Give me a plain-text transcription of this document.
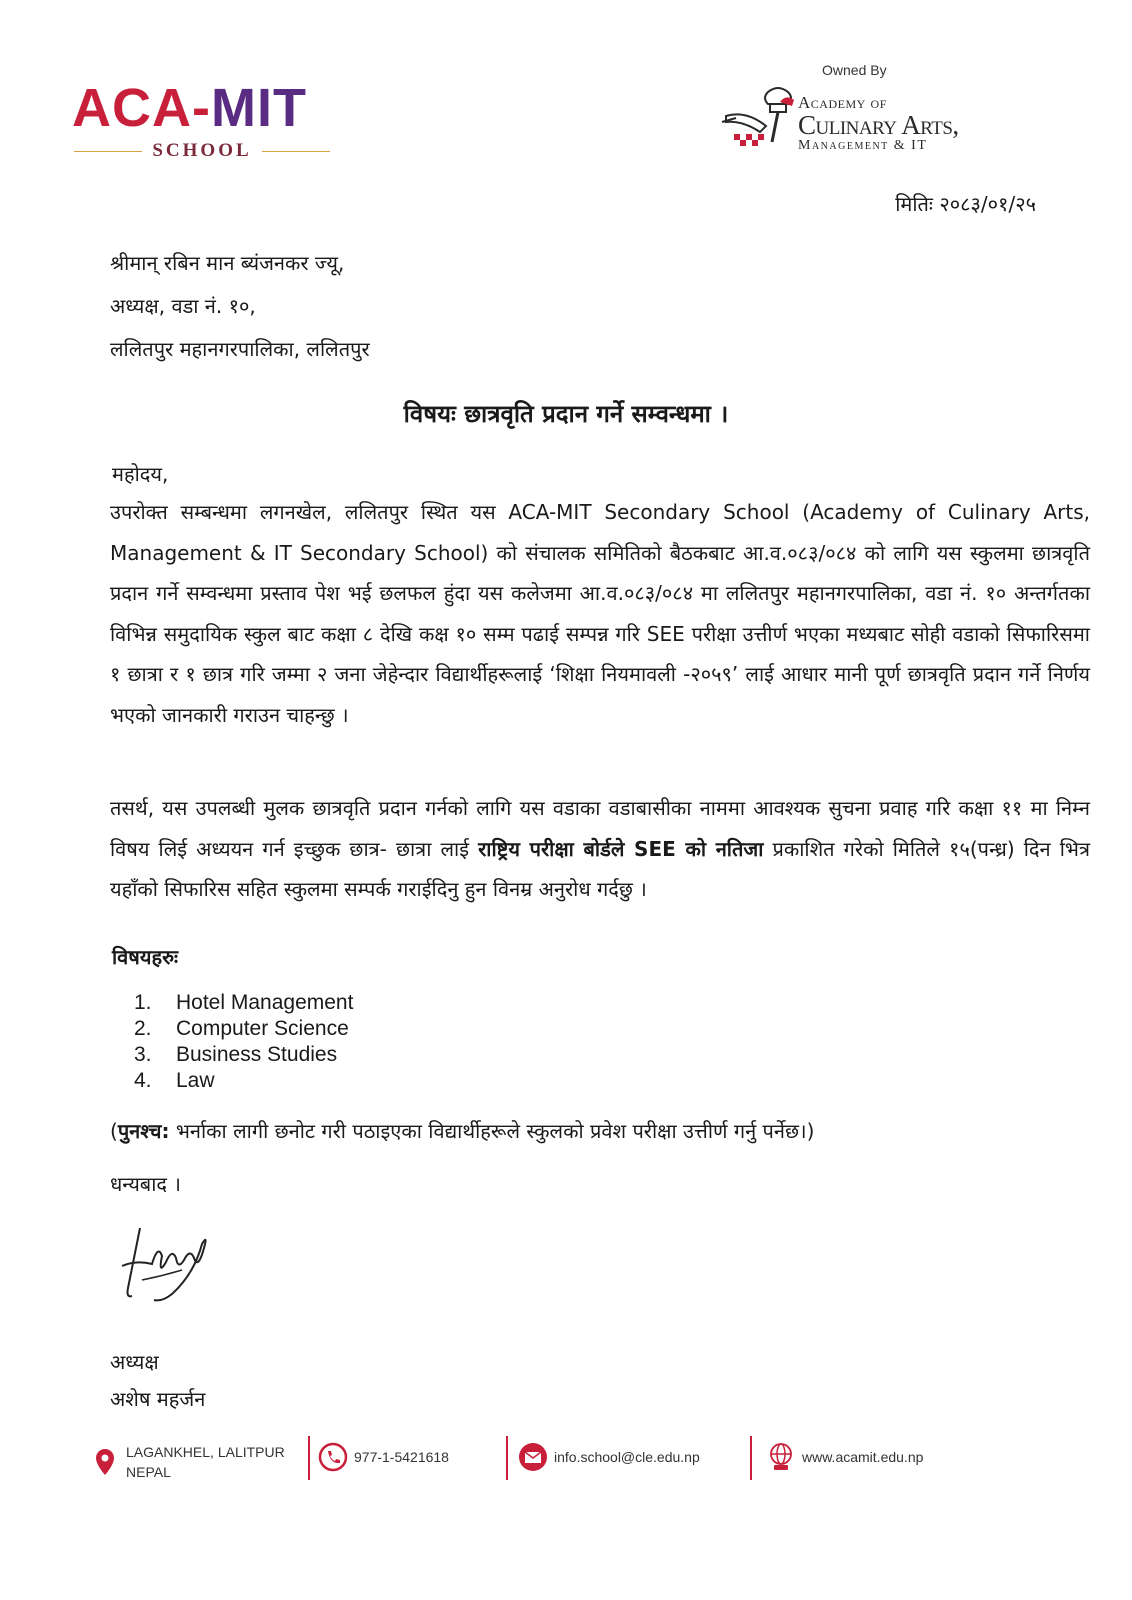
ACA-MIT
SCHOOL
Owned By
Academy of
Culinary Arts,
Management & IT
मितिः २०८३/०१/२५
श्रीमान् रबिन मान ब्यंजनकर ज्यू,
अध्यक्ष, वडा नं. १०,
ललितपुर महानगरपालिका, ललितपुर
विषयः छात्रवृति प्रदान गर्ने सम्वन्धमा ।
महोदय,
उपरोक्त सम्बन्धमा लगनखेल, ललितपुर स्थित यस ACA-MIT Secondary School (Academy of Culinary Arts, Management & IT Secondary School) को संचालक समितिको बैठकबाट आ.व.०८३/०८४ को लागि यस स्कुलमा छात्रवृति प्रदान गर्ने सम्वन्धमा प्रस्ताव पेश भई छलफल हुंदा यस कलेजमा आ.व.०८३/०८४ मा ललितपुर महानगरपालिका, वडा नं. १० अन्तर्गतका विभिन्न समुदायिक स्कुल बाट कक्षा ८ देखि कक्ष १० सम्म पढाई सम्पन्न गरि SEE परीक्षा उत्तीर्ण भएका मध्यबाट सोही वडाको सिफारिसमा १ छात्रा र १ छात्र गरि जम्मा २ जना जेहेन्दार विद्यार्थीहरूलाई ‘शिक्षा नियमावली -२०५९’ लाई आधार मानी पूर्ण छात्रवृति प्रदान गर्ने निर्णय भएको जानकारी गराउन चाहन्छु ।
तसर्थ, यस उपलब्धी मुलक छात्रवृति प्रदान गर्नको लागि यस वडाका वडाबासीका नाममा आवश्यक सुचना प्रवाह गरि कक्षा ११ मा निम्न विषय लिई अध्ययन गर्न इच्छुक छात्र- छात्रा लाई राष्ट्रिय परीक्षा बोर्डले SEE को नतिजा प्रकाशित गरेको मितिले १५(पन्ध्र) दिन भित्र यहाँको सिफारिस सहित स्कुलमा सम्पर्क गराईदिनु हुन विनम्र अनुरोध गर्दछु ।
विषयहरुः
1.	Hotel Management
2.	Computer Science
3.	Business Studies
4.	Law
(पुनश्च: भर्नाका लागी छनोट गरी पठाइएका विद्यार्थीहरूले स्कुलको प्रवेश परीक्षा उत्तीर्ण गर्नु पर्नेछ।)
धन्यबाद ।
अध्यक्ष
अशेष महर्जन
LAGANKHEL, LALITPUR
NEPAL
977-1-5421618	info.school@cle.edu.np	www.acamit.edu.np
